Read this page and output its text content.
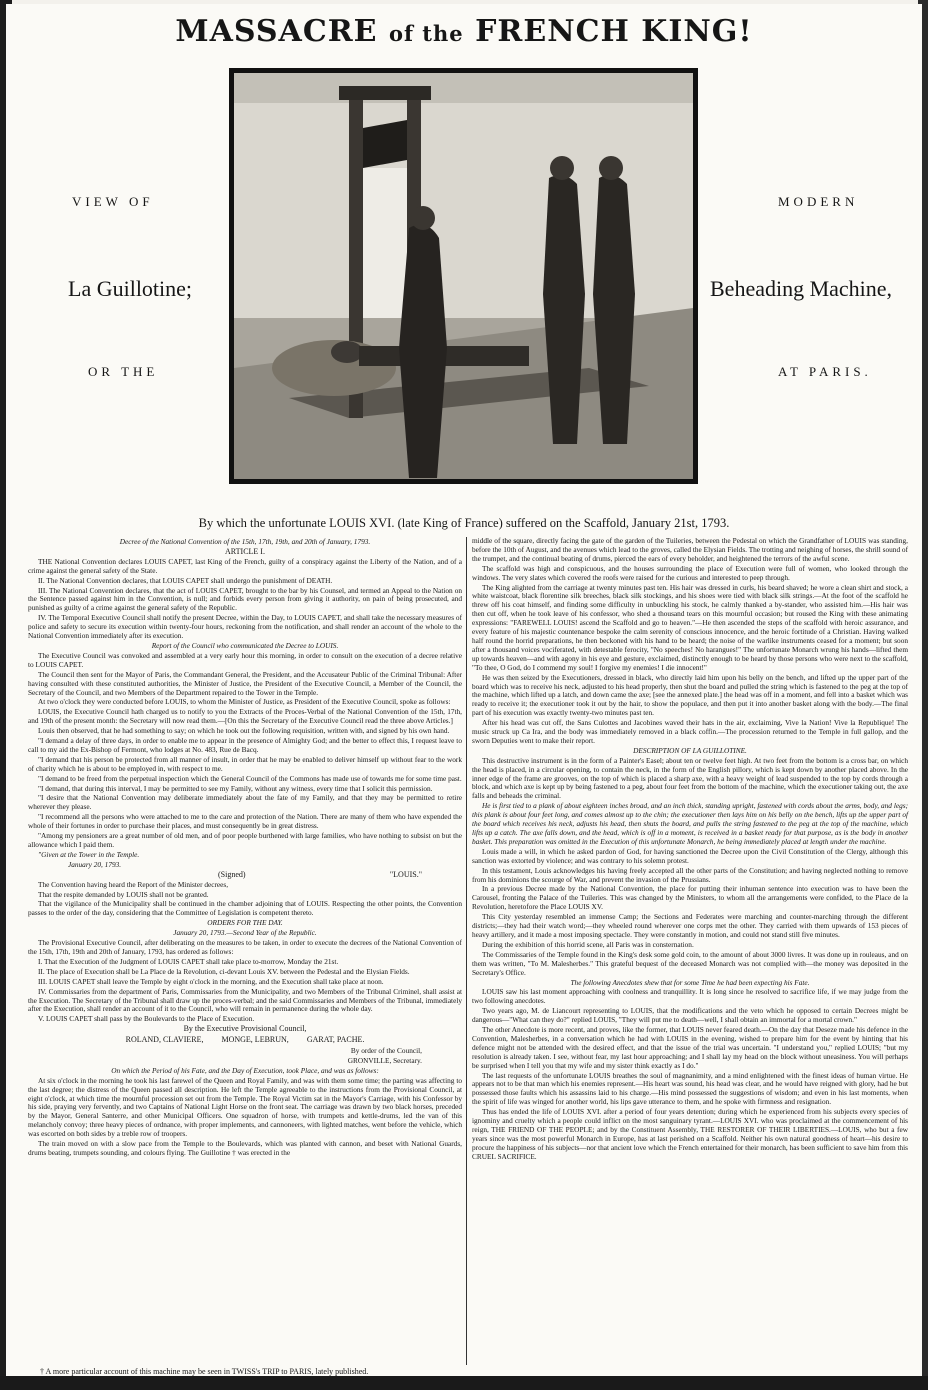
MASSACRE of the FRENCH KING!
VIEW OF
La Guillotine;
OR THE
MODERN
Beheading Machine,
AT PARIS.
By which the unfortunate LOUIS XVI. (late King of France) suffered on the Scaffold, January 21st, 1793.

Decree of the National Convention of the 15th, 17th, 19th, and 20th of January, 1793.

ARTICLE I.

THE National Convention declares LOUIS CAPET, last King of the French, guilty of a conspiracy against the Liberty of the Nation, and of a crime against the general safety of the State.

II. The National Convention declares, that LOUIS CAPET shall undergo the punishment of DEATH.

III. The National Convention declares, that the act of LOUIS CAPET, brought to the bar by his Counsel, and termed an Appeal to the Nation on the Sentence passed against him in the Convention, is null; and forbids every person from giving it authority, on pain of being prosecuted, and punished as guilty of a crime against the general safety of the Republic.

IV. The Temporal Executive Council shall notify the present Decree, within the Day, to LOUIS CAPET, and shall take the necessary measures of police and safety to secure its execution within twenty-four hours, reckoning from the notification, and shall render an account of the whole to the National Convention immediately after its execution.

Report of the Council who communicated the Decree to LOUIS.

The Executive Council was convoked and assembled at a very early hour this morning, in order to consult on the execution of a decree relative to LOUIS CAPET.

The Council then sent for the Mayor of Paris, the Commandant General, the President, and the Accusateur Public of the Criminal Tribunal: After having consulted with these constituted authorities, the Minister of Justice, the President of the Executive Council, a Member of the Council, the Secretary of the Council, and two Members of the Department repaired to the Tower in the Temple.

At two o'clock they were conducted before LOUIS, to whom the Minister of Justice, as President of the Executive Council, spoke as follows:

LOUIS, the Executive Council hath charged us to notify to you the Extracts of the Proces-Verbal of the National Convention of the 15th, 17th, and 19th of the present month: the Secretary will now read them.—[On this the Secretary of the Executive Council read the three above Articles.]

Louis then observed, that he had something to say; on which he took out the following requisition, written with, and signed by his own hand.

"I demand a delay of three days, in order to enable me to appear in the presence of Almighty God; and the better to effect this, I request leave to call to my aid the Ex-Bishop of Fermont, who lodges at No. 483, Rue de Bacq.

"I demand that his person be protected from all manner of insult, in order that he may be enabled to deliver himself up without fear to the work of charity which he is about to be employed in, with respect to me.

"I demand to be freed from the perpetual inspection which the General Council of the Commons has made use of towards me for some time past.

"I demand, that during this interval, I may be permitted to see my Family, without any witness, every time that I solicit this permission.

"I desire that the National Convention may deliberate immediately about the fate of my Family, and that they may be permitted to retire wherever they please.

"I recommend all the persons who were attached to me to the care and protection of the Nation. There are many of them who have expended the whole of their fortunes in order to purchase their places, and must consequently be in great distress.

"Among my pensioners are a great number of old men, and of poor people burthened with large families, who have nothing to subsist on but the allowance which I paid them.

"Given at the Tower in the Temple.

January 20, 1793.

(Signed)	"LOUIS."

The Convention having heard the Report of the Minister decrees,

That the respite demanded by LOUIS shall not be granted.

That the vigilance of the Municipality shall be continued in the chamber adjoining that of LOUIS. Respecting the other points, the Convention passes to the order of the day, considering that the Committee of Legislation is competent thereto.

ORDERS FOR THE DAY.

January 20, 1793.—Second Year of the Republic.

The Provisional Executive Council, after deliberating on the measures to be taken, in order to execute the decrees of the National Convention of the 15th, 17th, 19th and 20th of January, 1793, has ordered as follows:

I. That the Execution of the Judgment of LOUIS CAPET shall take place to-morrow, Monday the 21st.

II. The place of Execution shall be La Place de la Revolution, ci-devant Louis XV. between the Pedestal and the Elysian Fields.

III. LOUIS CAPET shall leave the Temple by eight o'clock in the morning, and the Execution shall take place at noon.

IV. Commissaries from the department of Paris, Commissaries from the Municipality, and two Members of the Tribunal Criminel, shall assist at the Execution. The Secretary of the Tribunal shall draw up the proces-verbal; and the said Commissaries and Members of the Tribunal, immediately after the Execution, shall render an account of it to the Council, who will remain in permanence during the whole day.

V. LOUIS CAPET shall pass by the Boulevards to the Place of Execution.

By the Executive Provisional Council,

ROLAND, CLAVIERE, MONGE, LEBRUN, GARAT, PACHE.

By order of the Council,

GRONVILLE, Secretary.

On which the Period of his Fate, and the Day of Execution, took Place, and was as follows:

At six o'clock in the morning he took his last farewel of the Queen and Royal Family, and was with them some time; the parting was affecting to the last degree; the distress of the Queen passed all description. He left the Temple agreeable to the instructions from the Provisional Council, at eight o'clock, at which time the mournful procession set out from the Temple. The Royal Victim sat in the Mayor's Carriage, with his Confessor by his side, praying very fervently, and two Captains of National Light Horse on the front seat. The carriage was drawn by two black horses, preceded by the Mayor, General Santerre, and other Municipal Officers. One squadron of horse, with trumpets and kettle-drums, led the van of this melancholy convoy; three heavy pieces of ordnance, with proper implements, and cannoneers, with lighted matches, went before the vehicle, which was escorted on both sides by a treble row of troopers.

The train moved on with a slow pace from the Temple to the Boulevards, which was planted with cannon, and beset with National Guards, drums beating, trumpets sounding, and colours flying. The Guillotine † was erected in the

middle of the square, directly facing the gate of the garden of the Tuileries, between the Pedestal on which the Grandfather of LOUIS was standing, before the 10th of August, and the avenues which lead to the groves, called the Elysian Fields. The trotting and neighing of horses, the shrill sound of the trumpet, and the continual beating of drums, pierced the ears of every beholder, and heightened the terrors of the awful scene.

The scaffold was high and conspicuous, and the houses surrounding the place of Execution were full of women, who looked through the windows. The very slates which covered the roofs were raised for the curious and interested to peep through.

The King alighted from the carriage at twenty minutes past ten. His hair was dressed in curls, his beard shaved; he wore a clean shirt and stock, a white waistcoat, black florentine silk breeches, black silk stockings, and his shoes were tied with black silk strings.—At the foot of the scaffold he threw off his coat himself, and finding some difficulty in unbuckling his stock, he calmly thanked a by-stander, who assisted him.—His hair was then cut off, when he took leave of his confessor, who shed a thousand tears on this mournful occasion; but roused the King with these animating expressions: "FAREWELL LOUIS! ascend the Scaffold and go to heaven."—He then ascended the steps of the scaffold with heroic assurance, and every feature of his majestic countenance bespoke the calm serenity of conscious innocence, and the heroic fortitude of a Christian. Having walked half round the horrid preparations, he then beckoned with his hand to be heard; the noise of the warlike instruments ceased for a moment; but soon after a thousand voices vociferated, with detestable ferocity, "No speeches! No harangues!" The unfortunate Monarch wrung his hands—lifted them up towards heaven—and with agony in his eye and gesture, exclaimed, distinctly enough to be heard by those persons who were next to the scaffold, "To thee, O God, do I commend my soul! I forgive my enemies! I die innocent!"

He was then seized by the Executioners, dressed in black, who directly laid him upon his belly on the bench, and lifted up the upper part of the board which was to receive his neck, adjusted to his head properly, then shut the board and pulled the string which is fastened to the peg at the top of the machine, which lifted up a latch, and down came the axe; [see the annexed plate.] the head was off in a moment, and fell into a basket which was ready to receive it; the executioner took it out by the hair, to show the populace, and then put it into another basket along with the body.—The final part of his execution was exactly twenty-two minutes past ten.

After his head was cut off, the Sans Culottes and Jacobines waved their hats in the air, exclaiming, Vive la Nation! Vive la Republique! The music struck up Ca Ira, and the body was immediately removed in a black coffin.—The procession returned to the Temple in full gallop, and the sworn Deputies went to make their report.

DESCRIPTION OF LA GUILLOTINE.

This destructive instrument is in the form of a Painter's Easel; about ten or twelve feet high. At two feet from the bottom is a cross bar, on which the head is placed, in a circular opening, to contain the neck, in the form of the English pillory, which is kept down by another placed above. In the inner edge of the frame are grooves, on the top of which is placed a sharp axe, with a heavy weight of lead suspended to the top by cords through a block, and which axe is kept up by being fastened to a peg, about four feet from the bottom of the machine, which the executioner taking out, the axe falls and beheads the criminal.

He is first tied to a plank of about eighteen inches broad, and an inch thick, standing upright, fastened with cords about the arms, body, and legs; this plank is about four feet long, and comes almost up to the chin; the executioner then lays him on his belly on the bench, lifts up the upper part of the board which receives his neck, adjusts his head, then shuts the board, and pulls the string fastened to the peg at the top of the machine, which lifts up a catch. The axe falls down, and the head, which is off in a moment, is received in a basket ready for that purpose, as is the body in another basket. This preparation was omitted in the Execution of this unfortunate Monarch, he being immediately placed at length under the machine.

Louis made a will, in which he asked pardon of God, for having sanctioned the Decree upon the Civil Constitution of the Clergy, although this sanction was extorted by violence; and was contrary to his solemn protest.

In this testament, Louis acknowledges his having freely accepted all the other parts of the Constitution; and having neglected nothing to remove from his dominions the scourge of War, and prevent the invasion of the Prussians.

In a previous Decree made by the National Convention, the place for putting their inhuman sentence into execution was to have been the Carousel, fronting the Palace of the Tuileries. This was changed by the Ministers, to whom all the arrangements were confided, to the Place de la Revolution, heretofore the Place LOUIS XV.

This City yesterday resembled an immense Camp; the Sections and Federates were marching and counter-marching through the different districts;—they had their watch word;—they wheeled round wherever one corps met the other. They carried with them upwards of 153 pieces of heavy artillery, and it made a most imposing spectacle. They were constantly in motion, and could not stand still five minutes.

During the exhibition of this horrid scene, all Paris was in consternation.

The Commissaries of the Temple found in the King's desk some gold coin, to the amount of about 3000 livres. It was done up in rouleaus, and on them was written, "To M. Malesherbes." This grateful bequest of the deceased Monarch was not complied with—the money was deposited in the Secretary's Office.

The following Anecdotes shew that for some Time he had been expecting his Fate.

LOUIS saw his last moment approaching with coolness and tranquillity. It is long since he resolved to sacrifice life, if we may judge from the two following anecdotes.

Two years ago, M. de Liancourt representing to LOUIS, that the modifications and the veto which he opposed to certain Decrees might be dangerous—"What can they do?" replied LOUIS, "They will put me to death—well, I shall obtain an immortal for a mortal crown."

The other Anecdote is more recent, and proves, like the former, that LOUIS never feared death.—On the day that Deseze made his defence in the Convention, Malesherbes, in a conversation which he had with LOUIS in the evening, wished to prepare him for the event by hinting that his defence might not be attended with the desired effect, and that the issue of the trial was uncertain. "I understand you," replied LOUIS; "but my resolution is already taken. I see, without fear, my last hour approaching; and I shall lay my head on the block without uneasiness. You will perhaps be surprised when I tell you that my wife and my sister think exactly as I do."

The last requests of the unfortunate LOUIS breathes the soul of magnanimity, and a mind enlightened with the finest ideas of human virtue. He appears not to be that man which his enemies represent.—His heart was sound, his head was clear, and he would have reigned with glory, had he but possessed those faults which his assassins laid to his charge.—His mind possessed the suggestions of wisdom; and even in his last moments, when the spirit of life was winged for another world, his lips gave utterance to them, and he spoke with firmness and resignation.

Thus has ended the life of LOUIS XVI. after a period of four years detention; during which he experienced from his subjects every species of ignominy and cruelty which a people could inflict on the most sanguinary tyrant.—LOUIS XVI. who was proclaimed at the commencement of his reign, THE FRIEND OF THE PEOPLE; and by the Constituent Assembly, THE RESTORER OF THEIR LIBERTIES.—LOUIS, who but a few years since was the most powerful Monarch in Europe, has at last perished on a Scaffold. Neither his own natural goodness of heart—his desire to procure the happiness of his subjects—nor that ancient love which the French entertained for their monarch, has been sufficient to save him from this CRUEL SACRIFICE.

† A more particular account of this machine may be seen in TWISS's TRIP to PARIS, lately published.
